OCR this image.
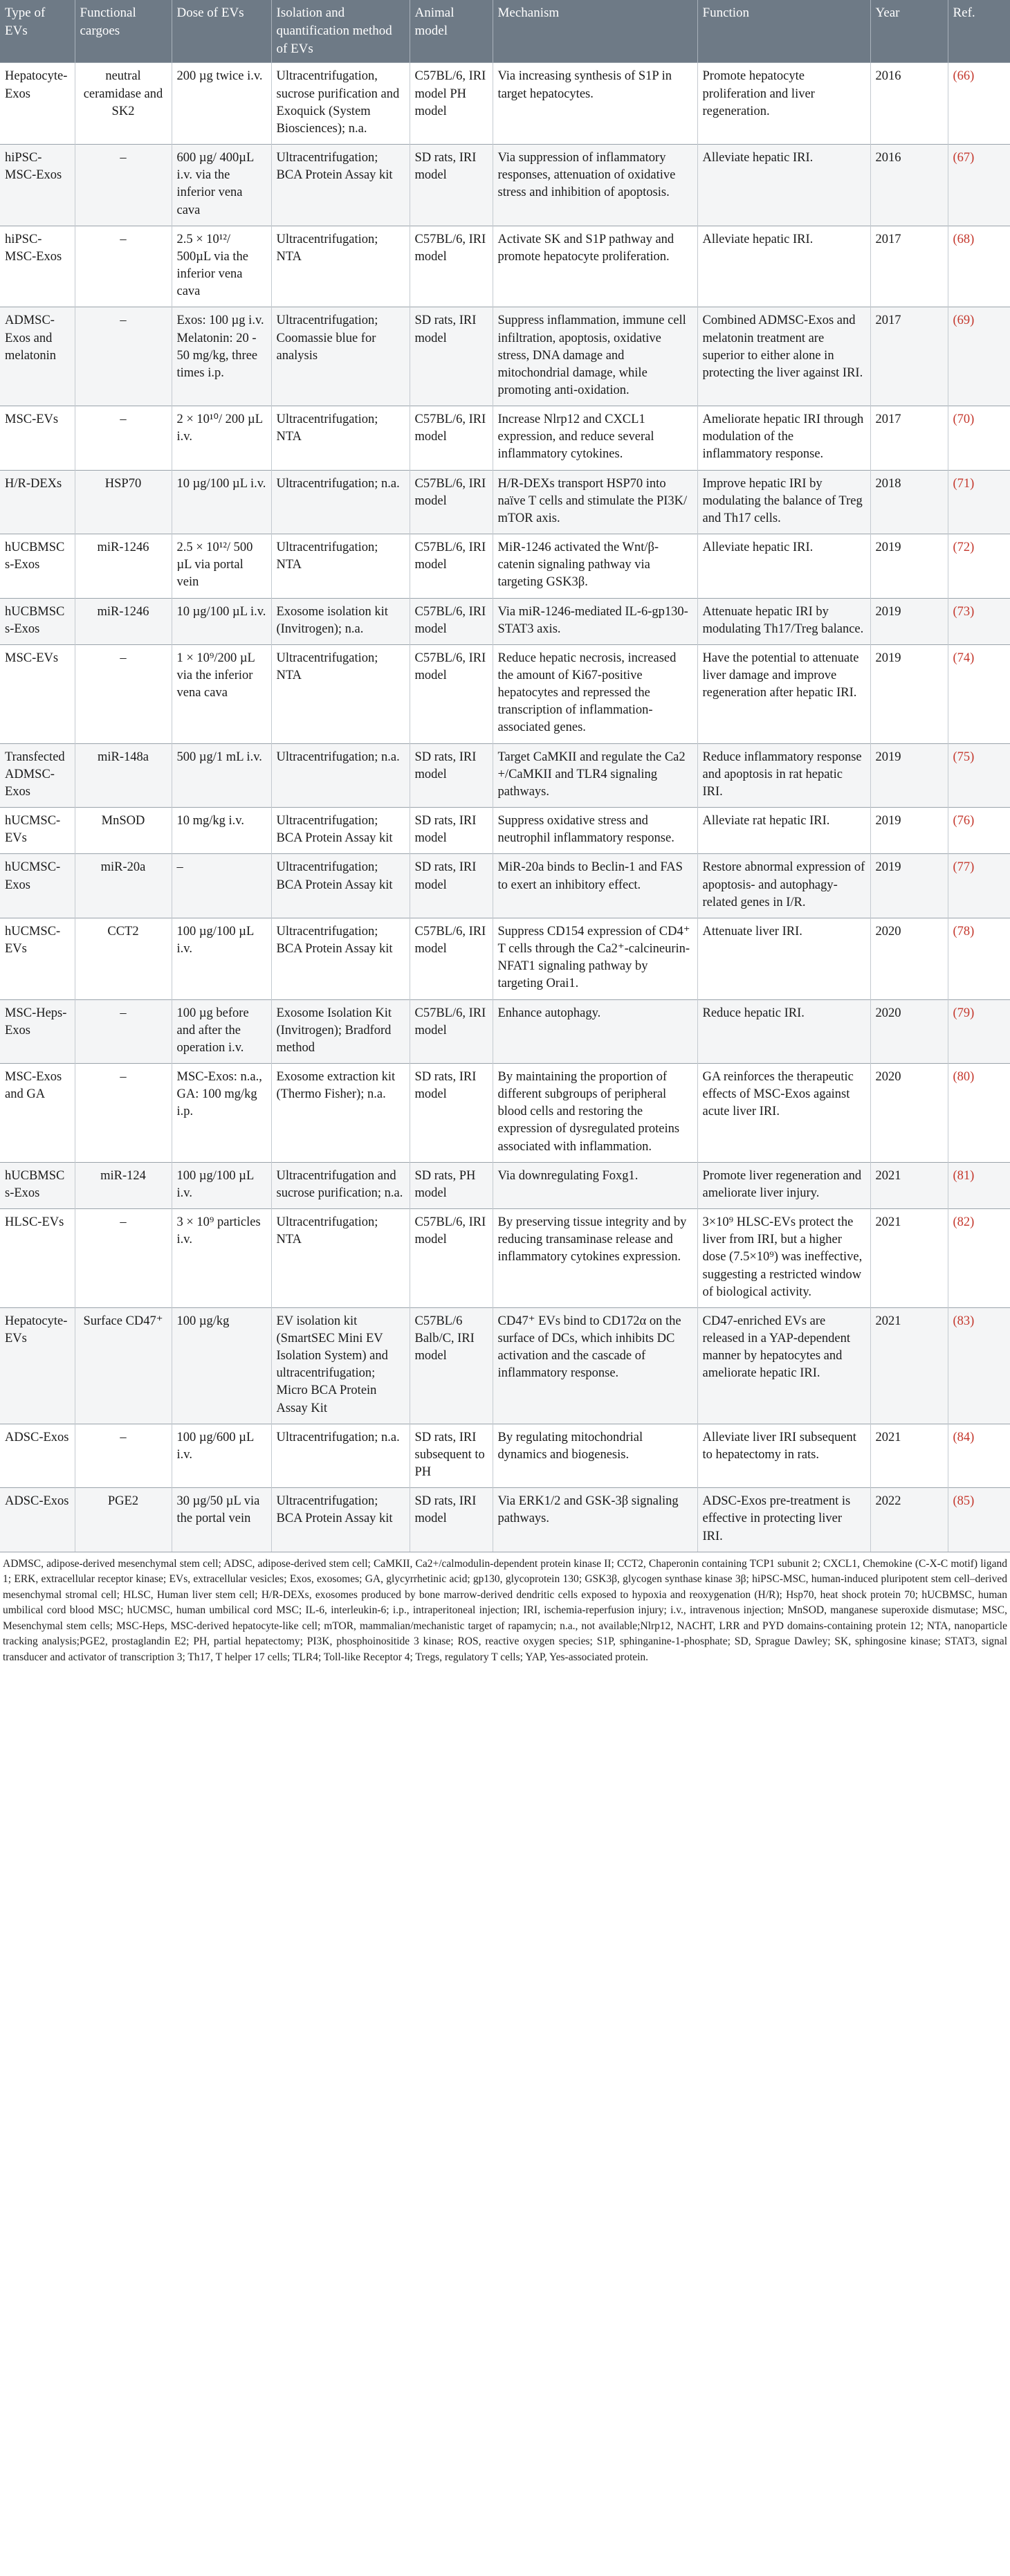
Type of EVs	Functional cargoes	Dose of EVs	Isolation and quantification method of EVs	Animal model	Mechanism	Function	Year	Ref.
Hepatocyte-Exos	neutral ceramidase and SK2	200 µg twice i.v.	Ultracentrifugation, sucrose purification and Exoquick (System Biosciences); n.a.	C57BL/6, IRI model PH model	Via increasing synthesis of S1P in target hepatocytes.	Promote hepatocyte proliferation and liver regeneration.	2016	(66)
hiPSC-MSC-Exos	–	600 µg/ 400µL i.v. via the inferior vena cava	Ultracentrifugation; BCA Protein Assay kit	SD rats, IRI model	Via suppression of inflammatory responses, attenuation of oxidative stress and inhibition of apoptosis.	Alleviate hepatic IRI.	2016	(67)
hiPSC-MSC-Exos	–	2.5 × 10¹²/ 500µL via the inferior vena cava	Ultracentrifugation; NTA	C57BL/6, IRI model	Activate SK and S1P pathway and promote hepatocyte proliferation.	Alleviate hepatic IRI.	2017	(68)
ADMSC-Exos and melatonin	–	Exos: 100 µg i.v. Melatonin: 20 - 50 mg/kg, three times i.p.	Ultracentrifugation; Coomassie blue for analysis	SD rats, IRI model	Suppress inflammation, immune cell infiltration, apoptosis, oxidative stress, DNA damage and mitochondrial damage, while promoting anti-oxidation.	Combined ADMSC-Exos and melatonin treatment are superior to either alone in protecting the liver against IRI.	2017	(69)
MSC-EVs	–	2 × 10¹⁰/ 200 µL i.v.	Ultracentrifugation; NTA	C57BL/6, IRI model	Increase Nlrp12 and CXCL1 expression, and reduce several inflammatory cytokines.	Ameliorate hepatic IRI through modulation of the inflammatory response.	2017	(70)
H/R-DEXs	HSP70	10 µg/100 µL i.v.	Ultracentrifugation; n.a.	C57BL/6, IRI model	H/R-DEXs transport HSP70 into naïve T cells and stimulate the PI3K/ mTOR axis.	Improve hepatic IRI by modulating the balance of Treg and Th17 cells.	2018	(71)
hUCBMSCs-Exos	miR-1246	2.5 × 10¹²/ 500 µL via portal vein	Ultracentrifugation; NTA	C57BL/6, IRI model	MiR-1246 activated the Wnt/β-catenin signaling pathway via targeting GSK3β.	Alleviate hepatic IRI.	2019	(72)
hUCBMSCs-Exos	miR-1246	10 µg/100 µL i.v.	Exosome isolation kit (Invitrogen); n.a.	C57BL/6, IRI model	Via miR-1246-mediated IL-6-gp130-STAT3 axis.	Attenuate hepatic IRI by modulating Th17/Treg balance.	2019	(73)
MSC-EVs	–	1 × 10⁹/200 µL via the inferior vena cava	Ultracentrifugation; NTA	C57BL/6, IRI model	Reduce hepatic necrosis, increased the amount of Ki67-positive hepatocytes and repressed the transcription of inflammation-associated genes.	Have the potential to attenuate liver damage and improve regeneration after hepatic IRI.	2019	(74)
Transfected ADMSC-Exos	miR-148a	500 µg/1 mL i.v.	Ultracentrifugation; n.a.	SD rats, IRI model	Target CaMKII and regulate the Ca2 +/CaMKII and TLR4 signaling pathways.	Reduce inflammatory response and apoptosis in rat hepatic IRI.	2019	(75)
hUCMSC-EVs	MnSOD	10 mg/kg i.v.	Ultracentrifugation; BCA Protein Assay kit	SD rats, IRI model	Suppress oxidative stress and neutrophil inflammatory response.	Alleviate rat hepatic IRI.	2019	(76)
hUCMSC-Exos	miR-20a	–	Ultracentrifugation; BCA Protein Assay kit	SD rats, IRI model	MiR-20a binds to Beclin-1 and FAS to exert an inhibitory effect.	Restore abnormal expression of apoptosis- and autophagy-related genes in I/R.	2019	(77)
hUCMSC-EVs	CCT2	100 µg/100 µL i.v.	Ultracentrifugation; BCA Protein Assay kit	C57BL/6, IRI model	Suppress CD154 expression of CD4⁺ T cells through the Ca2⁺-calcineurin-NFAT1 signaling pathway by targeting Orai1.	Attenuate liver IRI.	2020	(78)
MSC-Heps-Exos	–	100 µg before and after the operation i.v.	Exosome Isolation Kit (Invitrogen); Bradford method	C57BL/6, IRI model	Enhance autophagy.	Reduce hepatic IRI.	2020	(79)
MSC-Exos and GA	–	MSC-Exos: n.a., GA: 100 mg/kg i.p.	Exosome extraction kit (Thermo Fisher); n.a.	SD rats, IRI model	By maintaining the proportion of different subgroups of peripheral blood cells and restoring the expression of dysregulated proteins associated with inflammation.	GA reinforces the therapeutic effects of MSC-Exos against acute liver IRI.	2020	(80)
hUCBMSCs-Exos	miR-124	100 µg/100 µL i.v.	Ultracentrifugation and sucrose purification; n.a.	SD rats, PH model	Via downregulating Foxg1.	Promote liver regeneration and ameliorate liver injury.	2021	(81)
HLSC-EVs	–	3 × 10⁹ particles i.v.	Ultracentrifugation; NTA	C57BL/6, IRI model	By preserving tissue integrity and by reducing transaminase release and inflammatory cytokines expression.	3×10⁹ HLSC-EVs protect the liver from IRI, but a higher dose (7.5×10⁹) was ineffective, suggesting a restricted window of biological activity.	2021	(82)
Hepatocyte-EVs	Surface CD47⁺	100 µg/kg	EV isolation kit (SmartSEC Mini EV Isolation System) and ultracentrifugation; Micro BCA Protein Assay Kit	C57BL/6 Balb/C, IRI model	CD47⁺ EVs bind to CD172α on the surface of DCs, which inhibits DC activation and the cascade of inflammatory response.	CD47-enriched EVs are released in a YAP-dependent manner by hepatocytes and ameliorate hepatic IRI.	2021	(83)
ADSC-Exos	–	100 µg/600 µL i.v.	Ultracentrifugation; n.a.	SD rats, IRI subsequent to PH	By regulating mitochondrial dynamics and biogenesis.	Alleviate liver IRI subsequent to hepatectomy in rats.	2021	(84)
ADSC-Exos	PGE2	30 µg/50 µL via the portal vein	Ultracentrifugation; BCA Protein Assay kit	SD rats, IRI model	Via ERK1/2 and GSK-3β signaling pathways.	ADSC-Exos pre-treatment is effective in protecting liver IRI.	2022	(85)
ADMSC, adipose-derived mesenchymal stem cell; ADSC, adipose-derived stem cell; CaMKII, Ca2+/calmodulin-dependent protein kinase II; CCT2, Chaperonin containing TCP1 subunit 2; CXCL1, Chemokine (C-X-C motif) ligand 1; ERK, extracellular receptor kinase; EVs, extracellular vesicles; Exos, exosomes; GA, glycyrrhetinic acid; gp130, glycoprotein 130; GSK3β, glycogen synthase kinase 3β; hiPSC-MSC, human-induced pluripotent stem cell–derived mesenchymal stromal cell; HLSC, Human liver stem cell; H/R-DEXs, exosomes produced by bone marrow-derived dendritic cells exposed to hypoxia and reoxygenation (H/R); Hsp70, heat shock protein 70; hUCBMSC, human umbilical cord blood MSC; hUCMSC, human umbilical cord MSC; IL-6, interleukin-6; i.p., intraperitoneal injection; IRI, ischemia-reperfusion injury; i.v., intravenous injection; MnSOD, manganese superoxide dismutase; MSC, Mesenchymal stem cells; MSC-Heps, MSC-derived hepatocyte-like cell; mTOR, mammalian/mechanistic target of rapamycin; n.a., not available;Nlrp12, NACHT, LRR and PYD domains-containing protein 12; NTA, nanoparticle tracking analysis;PGE2, prostaglandin E2; PH, partial hepatectomy; PI3K, phosphoinositide 3 kinase; ROS, reactive oxygen species; S1P, sphinganine-1-phosphate; SD, Sprague Dawley; SK, sphingosine kinase; STAT3, signal transducer and activator of transcription 3; Th17, T helper 17 cells; TLR4; Toll-like Receptor 4; Tregs, regulatory T cells; YAP, Yes-associated protein.
